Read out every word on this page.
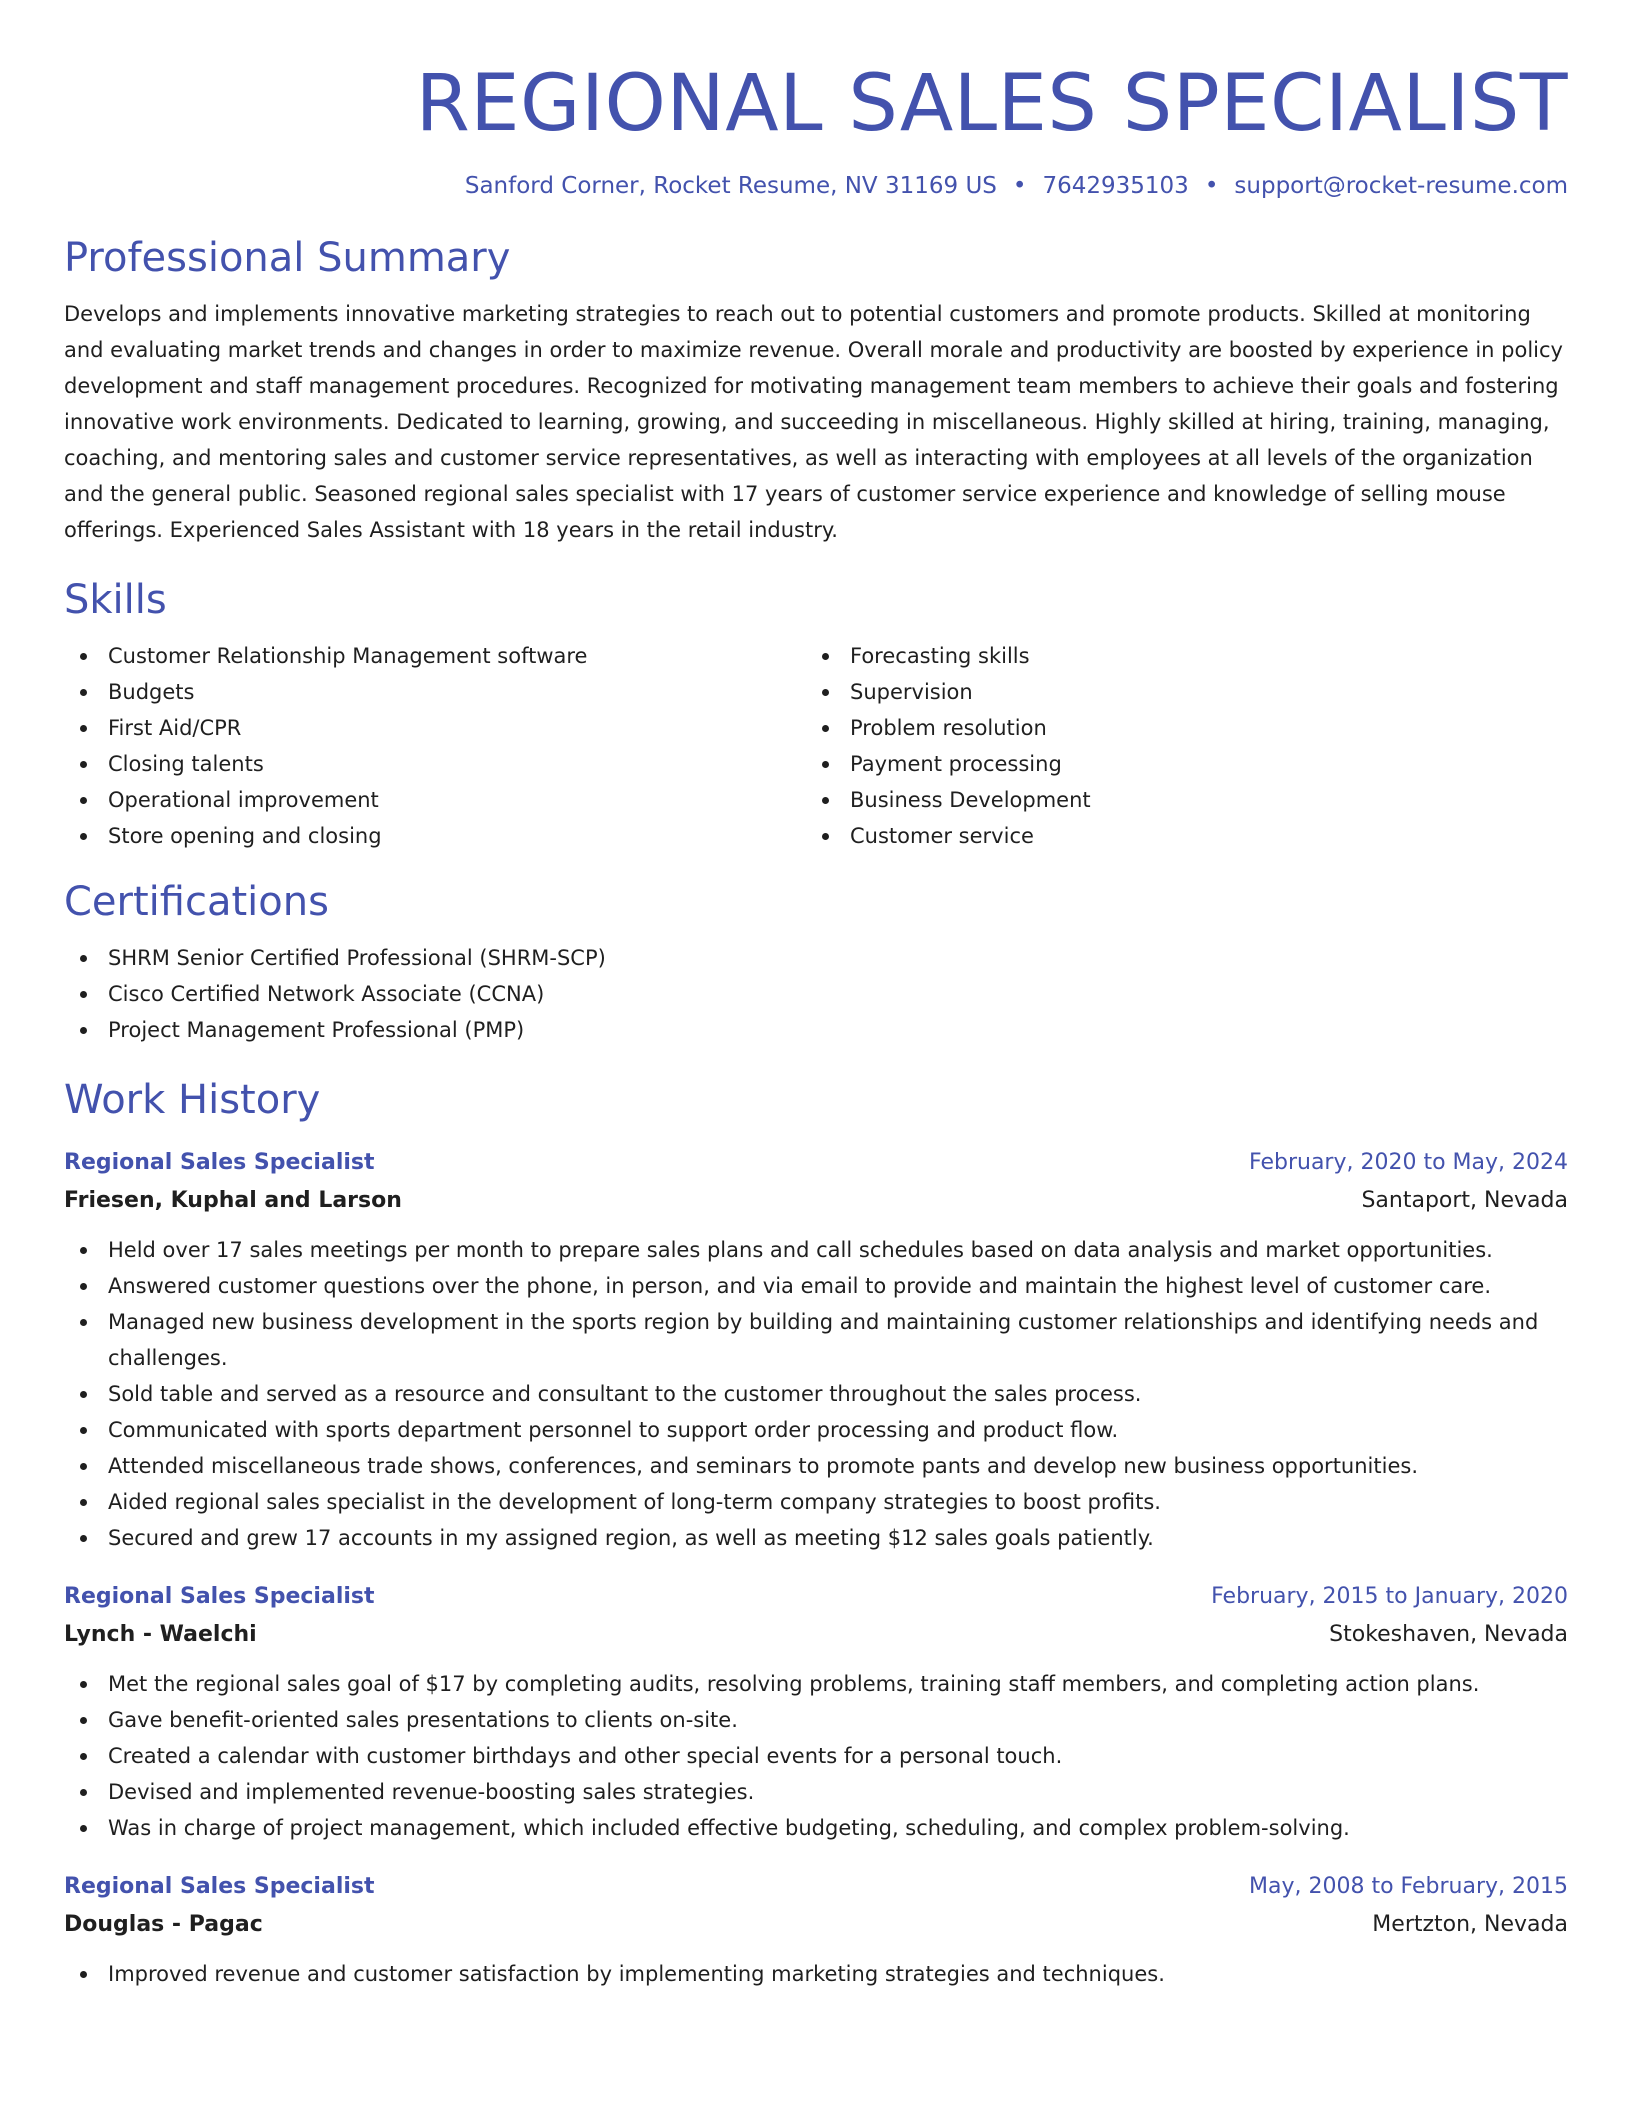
REGIONAL SALES SPECIALIST
Sanford Corner, Rocket Resume, NV 31169 US • 7642935103 • support@rocket-resume.com
Professional Summary

Develops and implements innovative marketing strategies to reach out to potential customers and promote products. Skilled at monitoring and evaluating market trends and changes in order to maximize revenue. Overall morale and productivity are boosted by experience in policy development and staff management procedures. Recognized for motivating management team members to achieve their goals and fostering innovative work environments. Dedicated to learning, growing, and succeeding in miscellaneous. Highly skilled at hiring, training, managing, coaching, and mentoring sales and customer service representatives, as well as interacting with employees at all levels of the organization and the general public. Seasoned regional sales specialist with 17 years of customer service experience and knowledge of selling mouse offerings. Experienced Sales Assistant with 18 years in the retail industry.

Skills
Customer Relationship Management software
Budgets
First Aid/CPR
Closing talents
Operational improvement
Store opening and closing
Forecasting skills
Supervision
Problem resolution
Payment processing
Business Development
Customer service
Certifications
SHRM Senior Certified Professional (SHRM-SCP)
Cisco Certified Network Associate (CCNA)
Project Management Professional (PMP)
Work History
Regional Sales Specialist	February, 2020 to May, 2024
Friesen, Kuphal and Larson	Santaport, Nevada
Held over 17 sales meetings per month to prepare sales plans and call schedules based on data analysis and market opportunities.
Answered customer questions over the phone, in person, and via email to provide and maintain the highest level of customer care.
Managed new business development in the sports region by building and maintaining customer relationships and identifying needs and challenges.
Sold table and served as a resource and consultant to the customer throughout the sales process.
Communicated with sports department personnel to support order processing and product flow.
Attended miscellaneous trade shows, conferences, and seminars to promote pants and develop new business opportunities.
Aided regional sales specialist in the development of long-term company strategies to boost profits.
Secured and grew 17 accounts in my assigned region, as well as meeting $12 sales goals patiently.
Regional Sales Specialist	February, 2015 to January, 2020
Lynch - Waelchi	Stokeshaven, Nevada
Met the regional sales goal of $17 by completing audits, resolving problems, training staff members, and completing action plans.
Gave benefit-oriented sales presentations to clients on-site.
Created a calendar with customer birthdays and other special events for a personal touch.
Devised and implemented revenue-boosting sales strategies.
Was in charge of project management, which included effective budgeting, scheduling, and complex problem-solving.
Regional Sales Specialist	May, 2008 to February, 2015
Douglas - Pagac	Mertzton, Nevada
Improved revenue and customer satisfaction by implementing marketing strategies and techniques.
